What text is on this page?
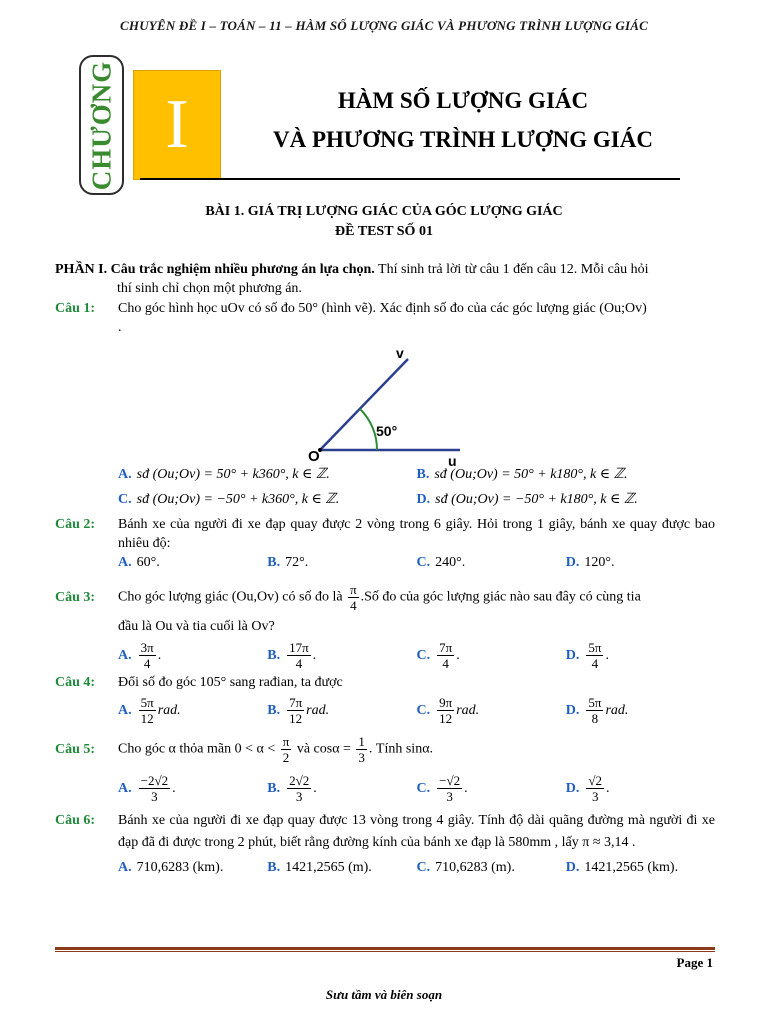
CHUYÊN ĐỀ I – TOÁN – 11 – HÀM SỐ LƯỢNG GIÁC VÀ PHƯƠNG TRÌNH LƯỢNG GIÁC
CHƯƠNG I	HÀM SỐ LƯỢNG GIÁC
VÀ PHƯƠNG TRÌNH LƯỢNG GIÁC
BÀI 1. GIÁ TRỊ LƯỢNG GIÁC CỦA GÓC LƯỢNG GIÁC
ĐỀ TEST SỐ 01
PHẦN I. Câu trắc nghiệm nhiều phương án lựa chọn. Thí sinh trả lời từ câu 1 đến câu 12. Mỗi câu hỏi
thí sinh chỉ chọn một phương án.
Câu 1:	Cho góc hình học uOv có số đo 50° (hình vẽ). Xác định số đo của các góc lượng giác (Ou;Ov)
.
A. sđ (Ou;Ov) = 50° + k360°, k ∈ ℤ.	B. sđ (Ou;Ov) = 50° + k180°, k ∈ ℤ.
C. sđ (Ou;Ov) = −50° + k360°, k ∈ ℤ.	D. sđ (Ou;Ov) = −50° + k180°, k ∈ ℤ.
Câu 2:	Bánh xe của người đi xe đạp quay được 2 vòng trong 6 giây. Hỏi trong 1 giây, bánh xe quay được bao nhiêu độ:
A. 60°.	B. 72°.	C. 240°.	D. 120°.
Câu 3:	Cho góc lượng giác (Ou,Ov) có số đo là $\frac{\pi}{4}$ .Số đo của góc lượng giác nào sau đây có cùng tia
đầu là Ou và tia cuối là Ov?
A. $\frac{3\pi}{4}$ .	B. $\frac{17\pi}{4}$ .	C. $\frac{7\pi}{4}$ .	D. $\frac{5\pi}{4}$ .
Câu 4:	Đổi số đo góc 105° sang rađian, ta được
A. $\frac{5\pi}{12}$ rad.	B. $\frac{7\pi}{12}$ rad.	C. $\frac{9\pi}{12}$ rad.	D. $\frac{5\pi}{8}$ rad.
Câu 5:	Cho góc α thỏa mãn $0 < \alpha < \frac{\pi}{2}$ và $\cos\alpha = \frac{1}{3}$ . Tính sinα.
A. $\frac{-2√2}{3}$ .	B. $\frac{2√2}{3}$ .	C. $\frac{-√2}{3}$ .	D. $\frac{√2}{3}$ .
Câu 6:	Bánh xe của người đi xe đạp quay được 13 vòng trong 4 giây. Tính độ dài quãng đường mà người đi xe đạp đã đi được trong 2 phút, biết rằng đường kính của bánh xe đạp là 580mm , lấy π ≈ 3,14 .
A. 710,6283 (km).	B. 1421,2565 (m).	C. 710,6283 (m).	D. 1421,2565 (km).
O
v
u
50°
Page 1
Sưu tầm và biên soạn
